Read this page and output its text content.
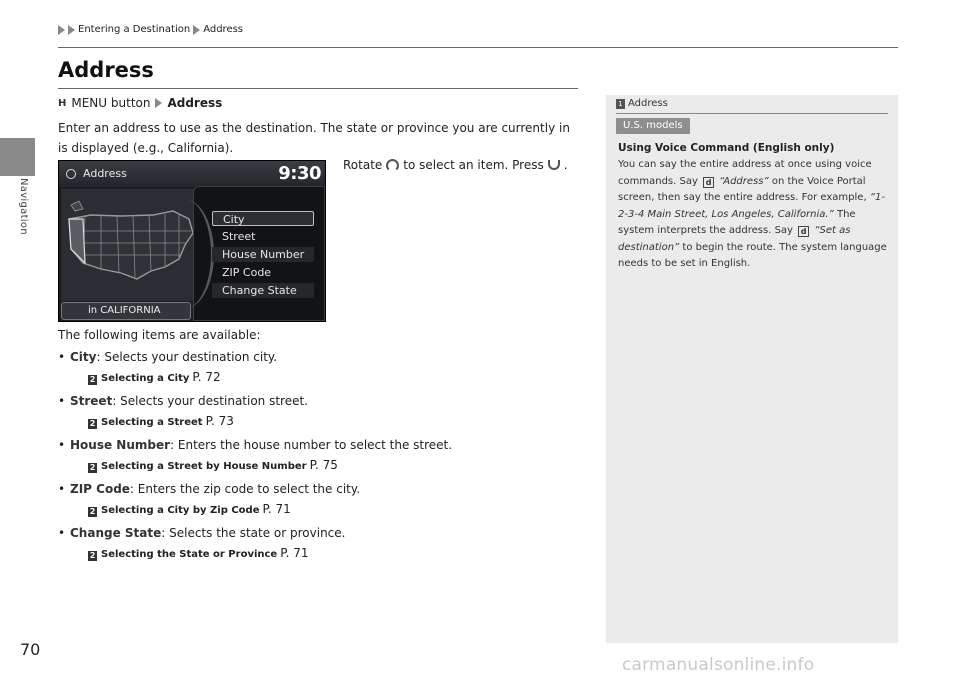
Navigation
Entering a Destination Address
Address
H MENU button Address
Enter an address to use as the destination. The state or province you are currently in is displayed (e.g., California).
Rotate to select an item. Press .
Address	9:30
in CALIFORNIA
City
Street
House Number
ZIP Code
Change State
The following items are available:
• City: Selects your destination city.
2 Selecting a City P. 72
• Street: Selects your destination street.
2 Selecting a Street P. 73
• House Number: Enters the house number to select the street.
2 Selecting a Street by House Number P. 75
• ZIP Code: Enters the zip code to select the city.
2 Selecting a City by Zip Code P. 71
• Change State: Selects the state or province.
2 Selecting the State or Province P. 71
1 Address
U.S. models
Using Voice Command (English only)
You can say the entire address at once using voice commands. Say d “Address” on the Voice Portal screen, then say the entire address. For example, “1-2-3-4 Main Street, Los Angeles, California.” The system interprets the address. Say d “Set as destination” to begin the route. The system language needs to be set in English.
70
carmanualsonline.info
